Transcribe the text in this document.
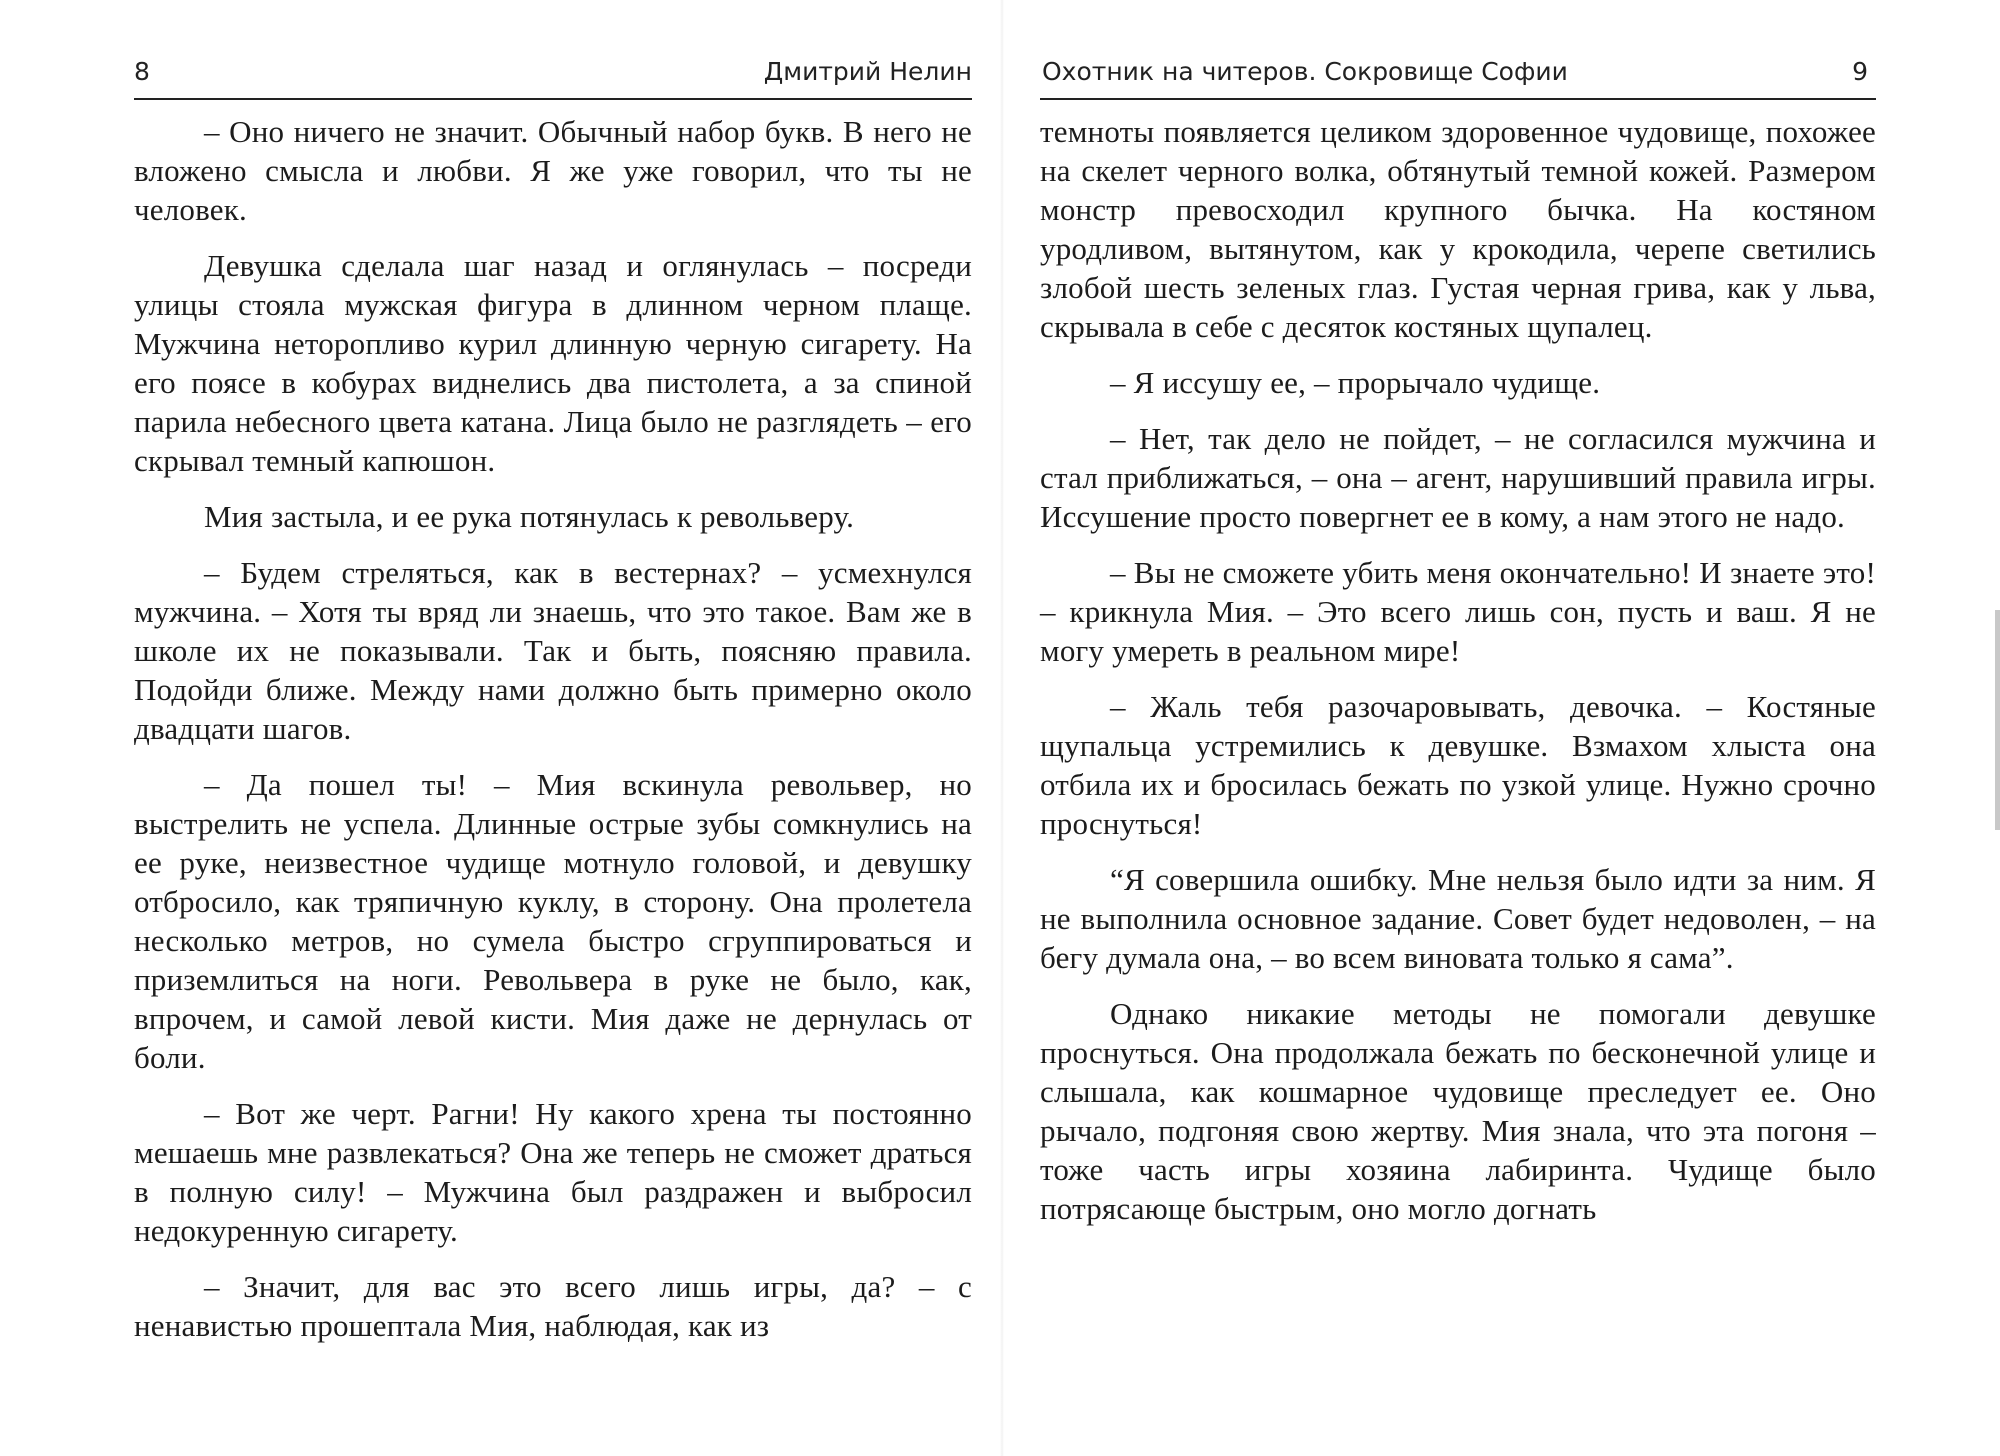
8	Дмитрий Нелин

– Оно ничего не значит. Обычный набор букв. В него не вложено смысла и любви. Я же уже говорил, что ты не человек.

Девушка сделала шаг назад и оглянулась – посреди улицы стояла мужская фигура в длинном черном плаще. Мужчина неторопливо курил длинную черную сигарету. На его поясе в кобурах виднелись два пистолета, а за спиной парила небесного цвета катана. Лица было не разглядеть – его скрывал темный капюшон.

Мия застыла, и ее рука потянулась к револьверу.

– Будем стреляться, как в вестернах? – усмехнулся мужчина. – Хотя ты вряд ли знаешь, что это такое. Вам же в школе их не показывали. Так и быть, поясняю правила. Подойди ближе. Между нами должно быть примерно около двадцати шагов.

– Да пошел ты! – Мия вскинула револьвер, но выстрелить не успела. Длинные острые зубы сомкнулись на ее руке, неизвестное чудище мотнуло головой, и девушку отбросило, как тряпичную куклу, в сторону. Она пролетела несколько метров, но сумела быстро сгруппироваться и приземлиться на ноги. Револьвера в руке не было, как, впрочем, и самой левой кисти. Мия даже не дернулась от боли.

– Вот же черт. Рагни! Ну какого хрена ты постоянно мешаешь мне развлекаться? Она же теперь не сможет драться в полную силу! – Мужчина был раздражен и выбросил недокуренную сигарету.

– Значит, для вас это всего лишь игры, да? – с ненавистью прошептала Мия, наблюдая, как из

Охотник на читеров. Сокровище Софии	9

темноты появляется целиком здоровенное чудовище, похожее на скелет черного волка, обтянутый темной кожей. Размером монстр превосходил крупного бычка. На костяном уродливом, вытянутом, как у крокодила, черепе светились злобой шесть зеленых глаз. Густая черная грива, как у льва, скрывала в себе с десяток костяных щупалец.

– Я иссушу ее, – прорычало чудище.

– Нет, так дело не пойдет, – не согласился мужчина и стал приближаться, – она – агент, нарушивший правила игры. Иссушение просто повергнет ее в кому, а нам этого не надо.

– Вы не сможете убить меня окончательно! И знаете это! – крикнула Мия. – Это всего лишь сон, пусть и ваш. Я не могу умереть в реальном мире!

– Жаль тебя разочаровывать, девочка. – Костяные щупальца устремились к девушке. Взмахом хлыста она отбила их и бросилась бежать по узкой улице. Нужно срочно проснуться!

“Я совершила ошибку. Мне нельзя было идти за ним. Я не выполнила основное задание. Совет будет недоволен, – на бегу думала она, – во всем виновата только я сама”.

Однако никакие методы не помогали девушке проснуться. Она продолжала бежать по бесконечной улице и слышала, как кошмарное чудовище преследует ее. Оно рычало, подгоняя свою жертву. Мия знала, что эта погоня – тоже часть игры хозяина лабиринта. Чудище было потрясающе быстрым, оно могло догнать
